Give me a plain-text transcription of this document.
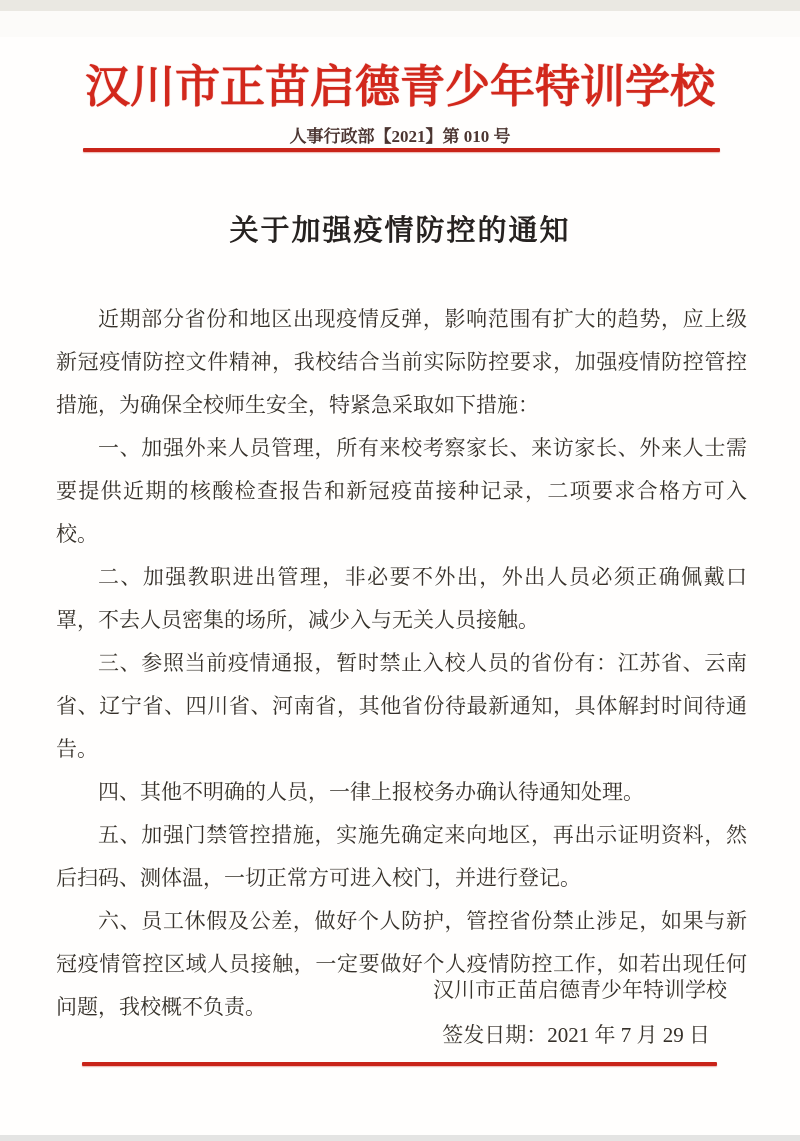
汉川市正苗启德青少年特训学校
人事行政部【2021】第 010 号
关于加强疫情防控的通知

近期部分省份和地区出现疫情反弹，影响范围有扩大的趋势，应上级新冠疫情防控文件精神，我校结合当前实际防控要求，加强疫情防控管控措施，为确保全校师生安全，特紧急采取如下措施：

一、加强外来人员管理，所有来校考察家长、来访家长、外来人士需要提供近期的核酸检查报告和新冠疫苗接种记录，二项要求合格方可入校。

二、加强教职进出管理，非必要不外出，外出人员必须正确佩戴口罩，不去人员密集的场所，减少入与无关人员接触。

三、参照当前疫情通报，暂时禁止入校人员的省份有：江苏省、云南省、辽宁省、四川省、河南省，其他省份待最新通知，具体解封时间待通告。

四、其他不明确的人员，一律上报校务办确认待通知处理。

五、加强门禁管控措施，实施先确定来向地区，再出示证明资料，然后扫码、测体温，一切正常方可进入校门，并进行登记。

六、员工休假及公差，做好个人防护，管控省份禁止涉足，如果与新冠疫情管控区域人员接触，一定要做好个人疫情防控工作，如若出现任何问题，我校概不负责。

汉川市正苗启德青少年特训学校
签发日期：2021 年 7 月 29 日
